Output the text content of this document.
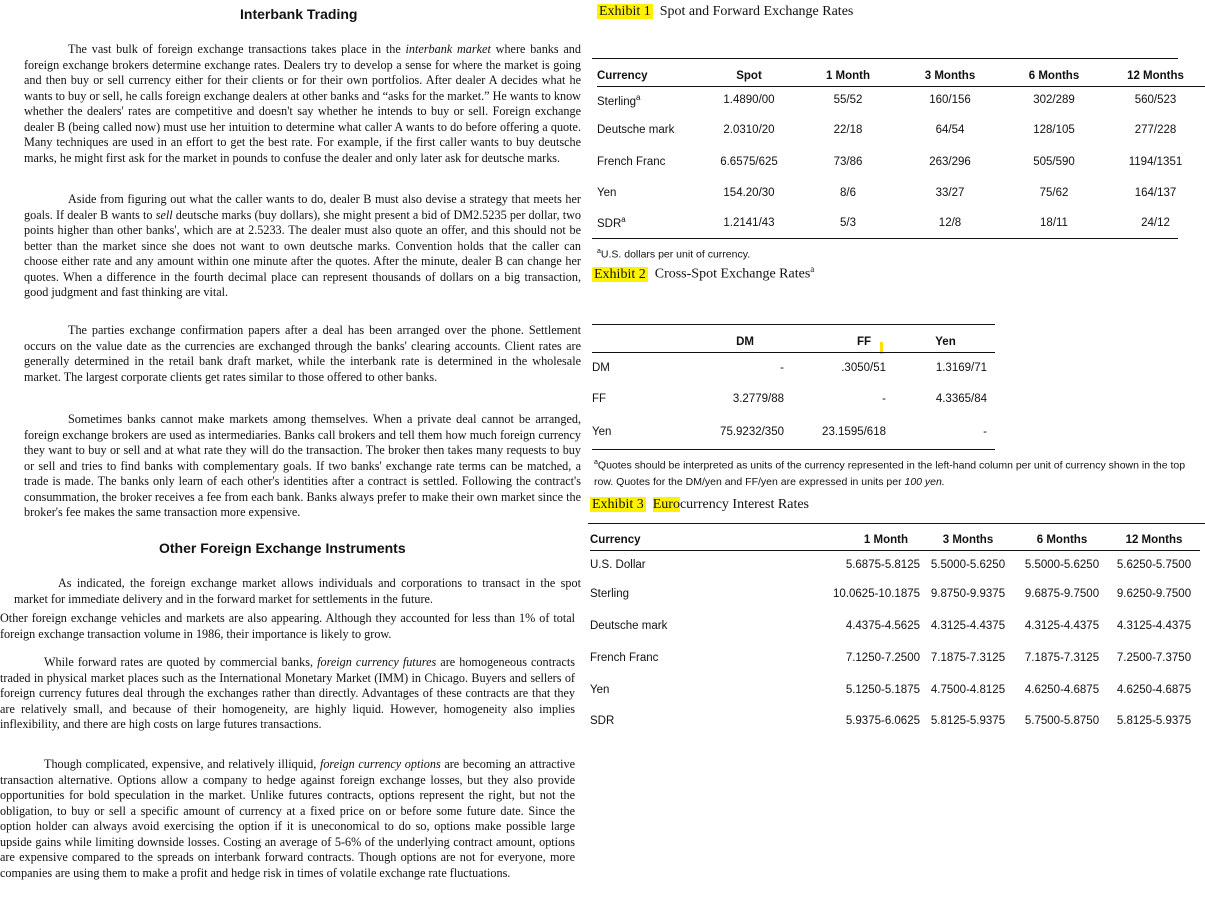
Interbank Trading

The vast bulk of foreign exchange transactions takes place in the interbank market where banks and foreign exchange brokers determine exchange rates. Dealers try to develop a sense for where the market is going and then buy or sell currency either for their clients or for their own portfolios. After dealer A decides what he wants to buy or sell, he calls foreign exchange dealers at other banks and “asks for the market.” He wants to know whether the dealers' rates are competitive and doesn't say whether he intends to buy or sell. Foreign exchange dealer B (being called now) must use her intuition to determine what caller A wants to do before offering a quote. Many techniques are used in an effort to get the best rate. For example, if the first caller wants to buy deutsche marks, he might first ask for the market in pounds to confuse the dealer and only later ask for deutsche marks.

Aside from figuring out what the caller wants to do, dealer B must also devise a strategy that meets her goals. If dealer B wants to sell deutsche marks (buy dollars), she might present a bid of DM2.5235 per dollar, two points higher than other banks', which are at 2.5233. The dealer must also quote an offer, and this should not be better than the market since she does not want to own deutsche marks. Convention holds that the caller can choose either rate and any amount within one minute after the quotes. After the minute, dealer B can change her quotes. When a difference in the fourth decimal place can represent thousands of dollars on a big transaction, good judgment and fast thinking are vital.

The parties exchange confirmation papers after a deal has been arranged over the phone. Settlement occurs on the value date as the currencies are exchanged through the banks' clearing accounts. Client rates are generally determined in the retail bank draft market, while the interbank rate is determined in the wholesale market. The largest corporate clients get rates similar to those offered to other banks.

Sometimes banks cannot make markets among themselves. When a private deal cannot be arranged, foreign exchange brokers are used as intermediaries. Banks call brokers and tell them how much foreign currency they want to buy or sell and at what rate they will do the transaction. The broker then takes many requests to buy or sell and tries to find banks with complementary goals. If two banks' exchange rate terms can be matched, a trade is made. The banks only learn of each other's identities after a contract is settled. Following the contract's consummation, the broker receives a fee from each bank. Banks always prefer to make their own market since the broker's fee makes the same transaction more expensive.

Other Foreign Exchange Instruments

As indicated, the foreign exchange market allows individuals and corporations to transact in the spot market for immediate delivery and in the forward market for settlements in the future.

Other foreign exchange vehicles and markets are also appearing. Although they accounted for less than 1% of total foreign exchange transaction volume in 1986, their importance is likely to grow.

While forward rates are quoted by commercial banks, foreign currency futures are homogeneous contracts traded in physical market places such as the International Monetary Market (IMM) in Chicago. Buyers and sellers of foreign currency futures deal through the exchanges rather than directly. Advantages of these contracts are that they are relatively small, and because of their homogeneity, are highly liquid. However, homogeneity also implies inflexibility, and there are high costs on large futures transactions.

Though complicated, expensive, and relatively illiquid, foreign currency options are becoming an attractive transaction alternative. Options allow a company to hedge against foreign exchange losses, but they also provide opportunities for bold speculation in the market. Unlike futures contracts, options represent the right, but not the obligation, to buy or sell a specific amount of currency at a fixed price on or before some future date. Since the option holder can always avoid exercising the option if it is uneconomical to do so, options make possible large upside gains while limiting downside losses. Costing an average of 5-6% of the underlying contract amount, options are expensive compared to the spreads on interbank forward contracts. Though options are not for everyone, more companies are using them to make a profit and hedge risk in times of volatile exchange rate fluctuations.

Exhibit 1 Spot and Forward Exchange Rates
Currency	Spot	1 Month	3 Months	6 Months	12 Months
Sterling$^a$	1.4890/00	55/52	160/156	302/289	560/523
Deutsche mark	2.0310/20	22/18	64/54	128/105	277/228
French Franc	6.6575/625	73/86	263/296	505/590	1194/1351
Yen	154.20/30	8/6	33/27	75/62	164/137
SDR$^a$	1.2141/43	5/3	12/8	18/11	24/12
$^a$U.S. dollars per unit of currency.
Exhibit 2 Cross-Spot Exchange Rates$^a$
	DM	FF	Yen
DM	-	.3050/51	1.3169/71
FF	3.2779/88	-	4.3365/84
Yen	75.9232/350	23.1595/618	-
$^a$Quotes should be interpreted as units of the currency represented in the left-hand column per unit of currency shown in the top
row. Quotes for the DM/yen and FF/yen are expressed in units per 100 yen.
Exhibit 3 Eurocurrency Interest Rates
Currency	1 Month	3 Months	6 Months	12 Months
U.S. Dollar	5.6875-5.8125	5.5000-5.6250	5.5000-5.6250	5.6250-5.7500
Sterling	10.0625-10.1875	9.8750-9.9375	9.6875-9.7500	9.6250-9.7500
Deutsche mark	4.4375-4.5625	4.3125-4.4375	4.3125-4.4375	4.3125-4.4375
French Franc	7.1250-7.2500	7.1875-7.3125	7.1875-7.3125	7.2500-7.3750
Yen	5.1250-5.1875	4.7500-4.8125	4.6250-4.6875	4.6250-4.6875
SDR	5.9375-6.0625	5.8125-5.9375	5.7500-5.8750	5.8125-5.9375
